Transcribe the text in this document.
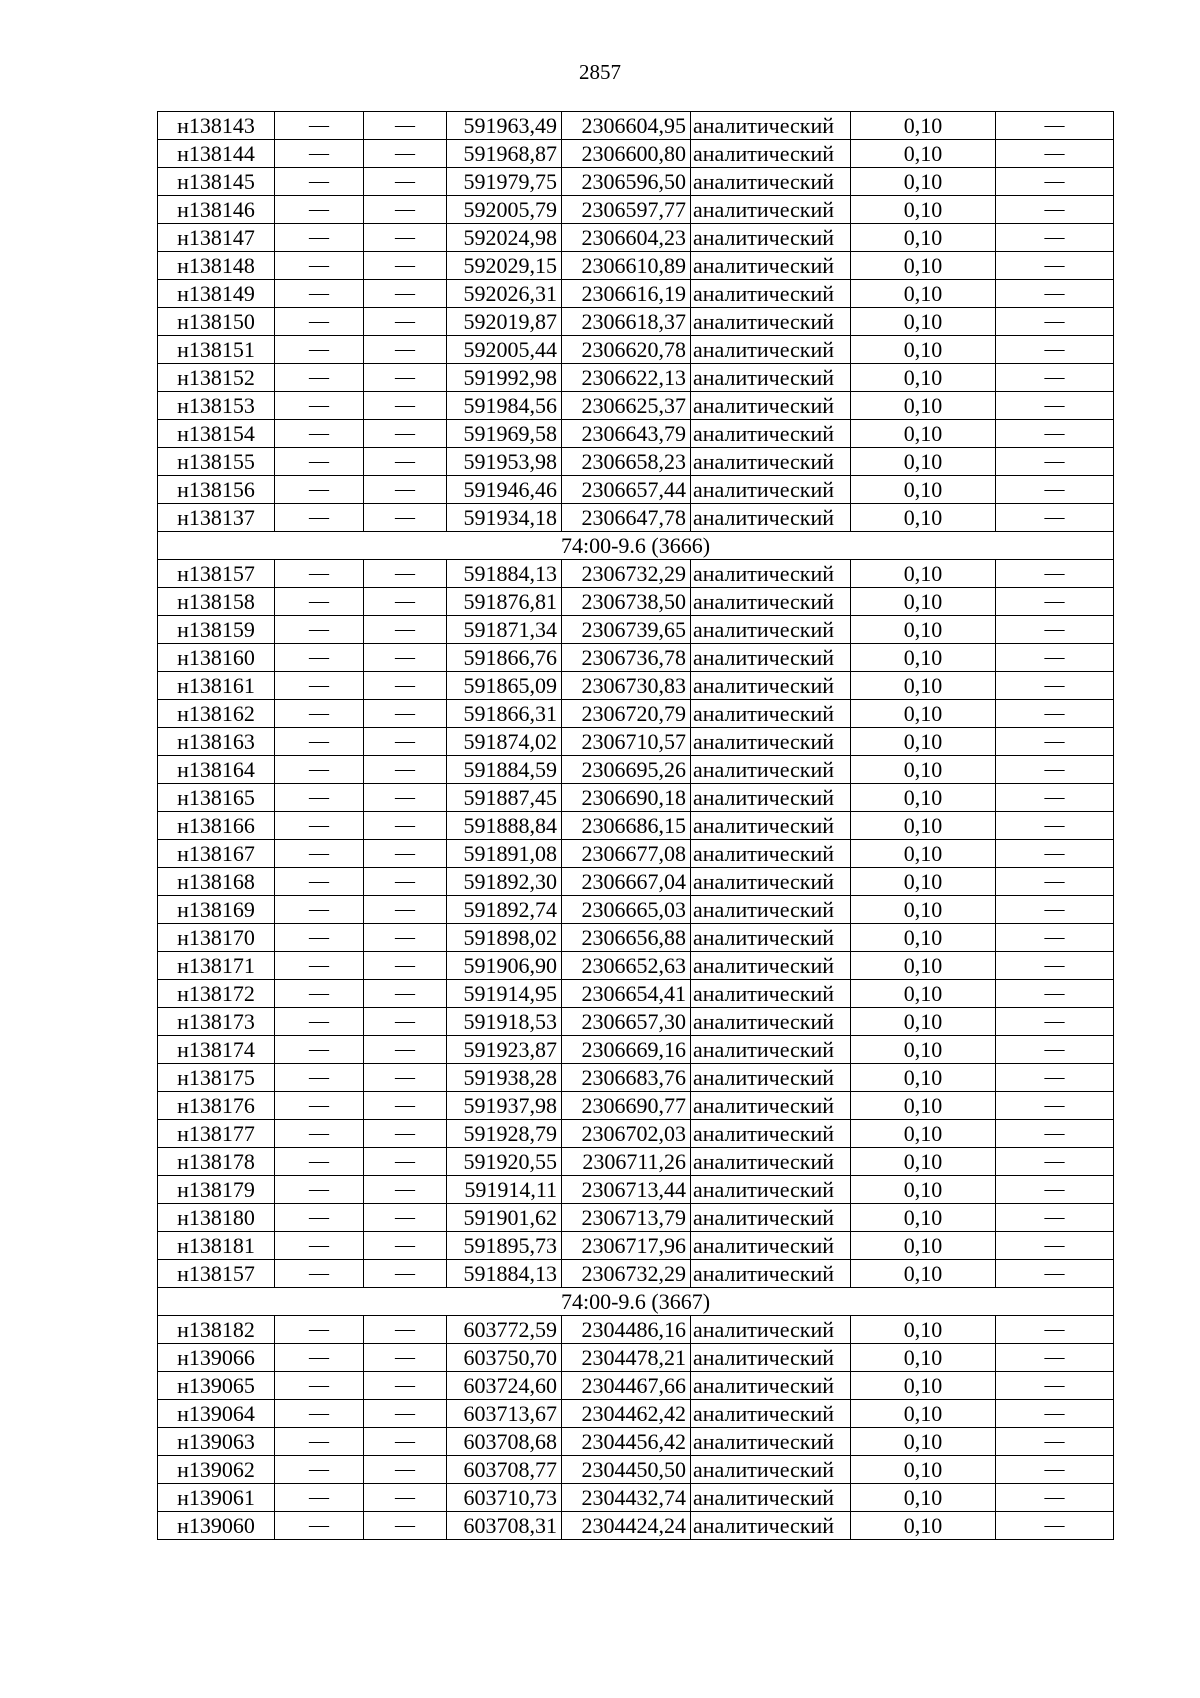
2857
н138143	—	—	591963,49	2306604,95	аналитический	0,10	—
н138144	—	—	591968,87	2306600,80	аналитический	0,10	—
н138145	—	—	591979,75	2306596,50	аналитический	0,10	—
н138146	—	—	592005,79	2306597,77	аналитический	0,10	—
н138147	—	—	592024,98	2306604,23	аналитический	0,10	—
н138148	—	—	592029,15	2306610,89	аналитический	0,10	—
н138149	—	—	592026,31	2306616,19	аналитический	0,10	—
н138150	—	—	592019,87	2306618,37	аналитический	0,10	—
н138151	—	—	592005,44	2306620,78	аналитический	0,10	—
н138152	—	—	591992,98	2306622,13	аналитический	0,10	—
н138153	—	—	591984,56	2306625,37	аналитический	0,10	—
н138154	—	—	591969,58	2306643,79	аналитический	0,10	—
н138155	—	—	591953,98	2306658,23	аналитический	0,10	—
н138156	—	—	591946,46	2306657,44	аналитический	0,10	—
н138137	—	—	591934,18	2306647,78	аналитический	0,10	—
74:00-9.6 (3666)							
н138157	—	—	591884,13	2306732,29	аналитический	0,10	—
н138158	—	—	591876,81	2306738,50	аналитический	0,10	—
н138159	—	—	591871,34	2306739,65	аналитический	0,10	—
н138160	—	—	591866,76	2306736,78	аналитический	0,10	—
н138161	—	—	591865,09	2306730,83	аналитический	0,10	—
н138162	—	—	591866,31	2306720,79	аналитический	0,10	—
н138163	—	—	591874,02	2306710,57	аналитический	0,10	—
н138164	—	—	591884,59	2306695,26	аналитический	0,10	—
н138165	—	—	591887,45	2306690,18	аналитический	0,10	—
н138166	—	—	591888,84	2306686,15	аналитический	0,10	—
н138167	—	—	591891,08	2306677,08	аналитический	0,10	—
н138168	—	—	591892,30	2306667,04	аналитический	0,10	—
н138169	—	—	591892,74	2306665,03	аналитический	0,10	—
н138170	—	—	591898,02	2306656,88	аналитический	0,10	—
н138171	—	—	591906,90	2306652,63	аналитический	0,10	—
н138172	—	—	591914,95	2306654,41	аналитический	0,10	—
н138173	—	—	591918,53	2306657,30	аналитический	0,10	—
н138174	—	—	591923,87	2306669,16	аналитический	0,10	—
н138175	—	—	591938,28	2306683,76	аналитический	0,10	—
н138176	—	—	591937,98	2306690,77	аналитический	0,10	—
н138177	—	—	591928,79	2306702,03	аналитический	0,10	—
н138178	—	—	591920,55	2306711,26	аналитический	0,10	—
н138179	—	—	591914,11	2306713,44	аналитический	0,10	—
н138180	—	—	591901,62	2306713,79	аналитический	0,10	—
н138181	—	—	591895,73	2306717,96	аналитический	0,10	—
н138157	—	—	591884,13	2306732,29	аналитический	0,10	—
74:00-9.6 (3667)							
н138182	—	—	603772,59	2304486,16	аналитический	0,10	—
н139066	—	—	603750,70	2304478,21	аналитический	0,10	—
н139065	—	—	603724,60	2304467,66	аналитический	0,10	—
н139064	—	—	603713,67	2304462,42	аналитический	0,10	—
н139063	—	—	603708,68	2304456,42	аналитический	0,10	—
н139062	—	—	603708,77	2304450,50	аналитический	0,10	—
н139061	—	—	603710,73	2304432,74	аналитический	0,10	—
н139060	—	—	603708,31	2304424,24	аналитический	0,10	—
